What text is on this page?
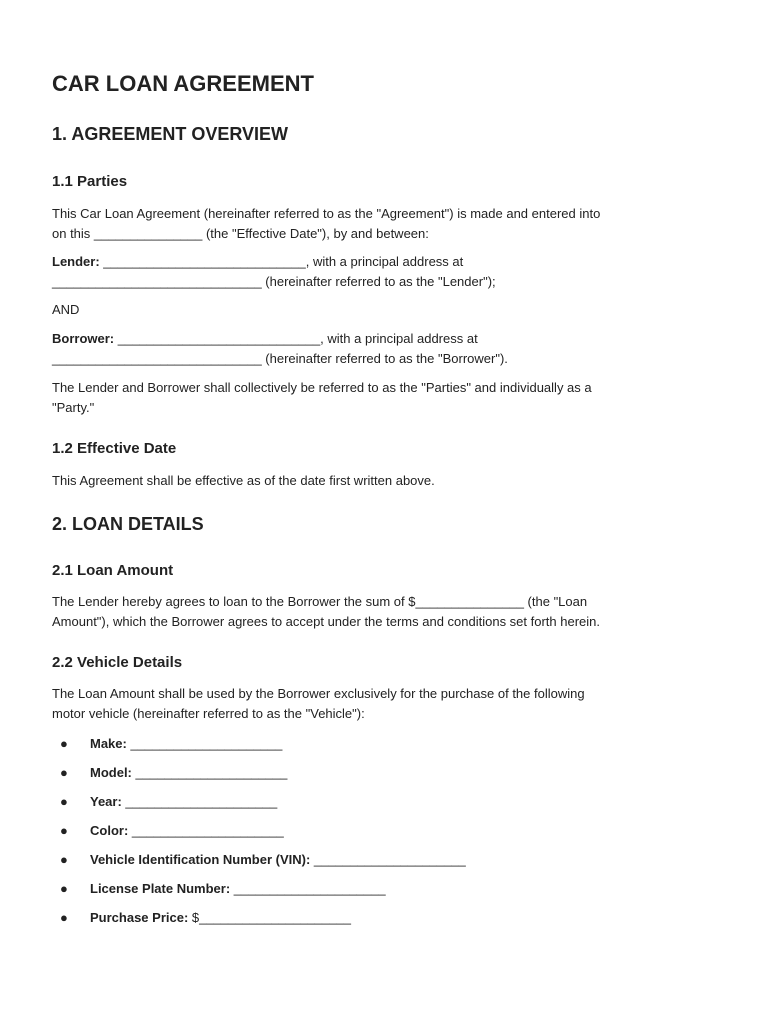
CAR LOAN AGREEMENT
1. AGREEMENT OVERVIEW
1.1 Parties
This Car Loan Agreement (hereinafter referred to as the "Agreement") is made and entered into
on this _______________ (the "Effective Date"), by and between:
Lender: ____________________________, with a principal address at
_____________________________ (hereinafter referred to as the "Lender");
AND
Borrower: ____________________________, with a principal address at
_____________________________ (hereinafter referred to as the "Borrower").
The Lender and Borrower shall collectively be referred to as the "Parties" and individually as a
"Party."
1.2 Effective Date
This Agreement shall be effective as of the date first written above.
2. LOAN DETAILS
2.1 Loan Amount
The Lender hereby agrees to loan to the Borrower the sum of $_______________ (the "Loan
Amount"), which the Borrower agrees to accept under the terms and conditions set forth herein.
2.2 Vehicle Details
The Loan Amount shall be used by the Borrower exclusively for the purchase of the following
motor vehicle (hereinafter referred to as the "Vehicle"):
● Make: _____________________
● Model: _____________________
● Year: _____________________
● Color: _____________________
● Vehicle Identification Number (VIN): _____________________
● License Plate Number: _____________________
● Purchase Price: $_____________________
